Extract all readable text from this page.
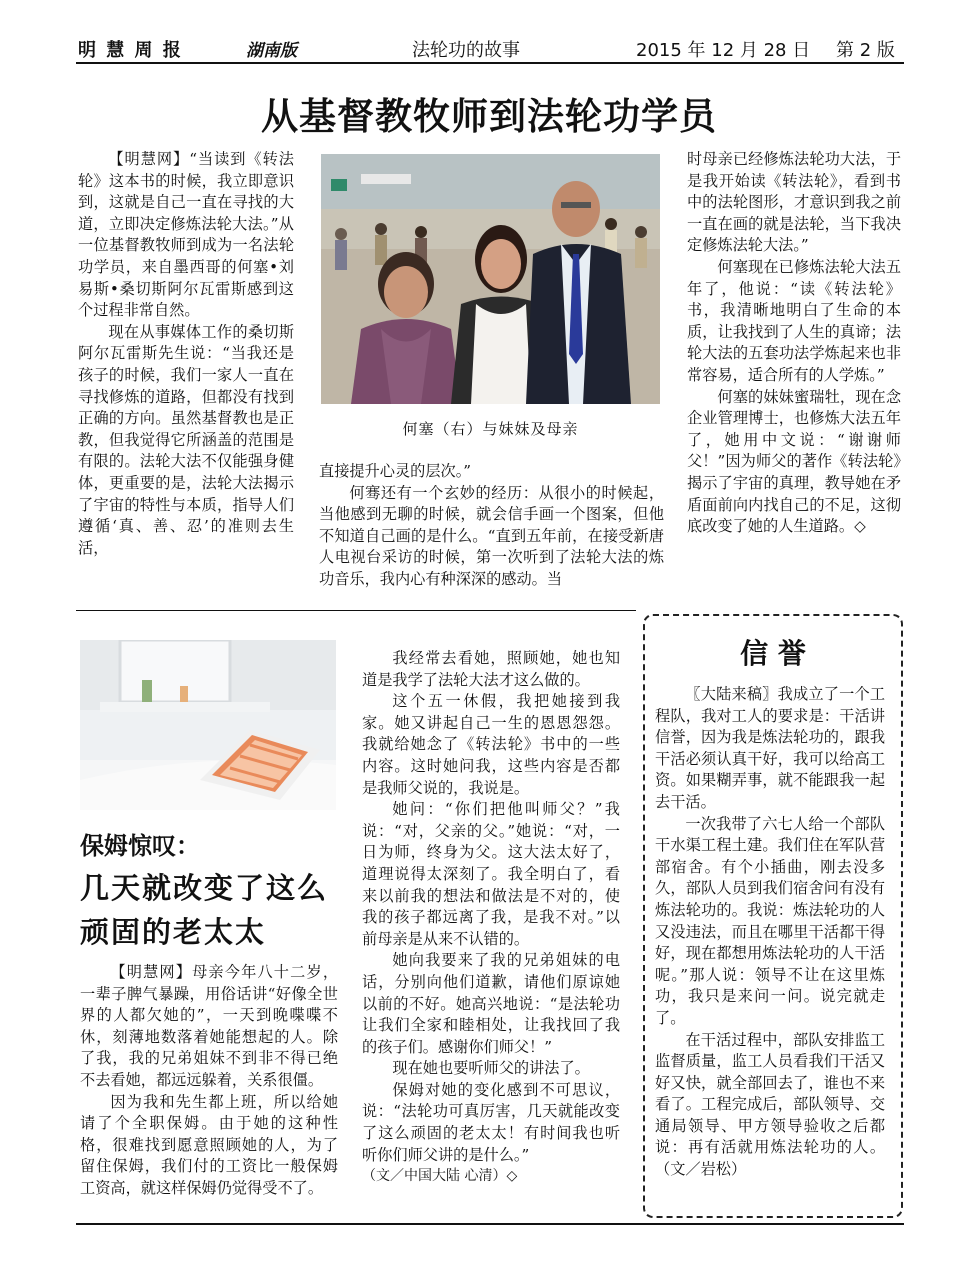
明 慧 周 报	湖南版	法轮功的故事	2015 年 12 月 28 日 第 2 版
从基督教牧师到法轮功学员

【明慧网】“当读到《转法轮》这本书的时候，我立即意识到，这就是自己一直在寻找的大道，立即决定修炼法轮大法。”从一位基督教牧师到成为一名法轮功学员，来自墨西哥的何塞•刘易斯•桑切斯阿尔瓦雷斯感到这个过程非常自然。

现在从事媒体工作的桑切斯阿尔瓦雷斯先生说：“当我还是孩子的时候，我们一家人一直在寻找修炼的道路，但都没有找到正确的方向。虽然基督教也是正教，但我觉得它所涵盖的范围是有限的。法轮大法不仅能强身健体，更重要的是，法轮大法揭示了宇宙的特性与本质，指导人们遵循‘真、善、忍’的准则去生活，

何塞（右）与妹妹及母亲

直接提升心灵的层次。”

何骞还有一个玄妙的经历：从很小的时候起，当他感到无聊的时候，就会信手画一个图案，但他不知道自己画的是什么。“直到五年前，在接受新唐人电视台采访的时候，第一次听到了法轮大法的炼功音乐，我内心有种深深的感动。当

时母亲已经修炼法轮功大法，于是我开始读《转法轮》，看到书中的法轮图形，才意识到我之前一直在画的就是法轮，当下我决定修炼法轮大法。”

何塞现在已修炼法轮大法五年了，他说：“读《转法轮》书，我清晰地明白了生命的本质，让我找到了人生的真谛；法轮大法的五套功法学炼起来也非常容易，适合所有的人学炼。”

何塞的妹妹蜜瑞牡，现在念企业管理博士，也修炼大法五年了，她用中文说：“谢谢师父！”因为师父的著作《转法轮》揭示了宇宙的真理，教导她在矛盾面前向内找自己的不足，这彻底改变了她的人生道路。◇

保姆惊叹：
几天就改变了这么
顽固的老太太

【明慧网】母亲今年八十二岁，一辈子脾气暴躁，用俗话讲“好像全世界的人都欠她的”，一天到晚喋喋不休，刻薄地数落着她能想起的人。除了我，我的兄弟姐妹不到非不得已绝不去看她，都远远躲着，关系很僵。

因为我和先生都上班，所以给她请了个全职保姆。由于她的这种性格，很难找到愿意照顾她的人，为了留住保姆，我们付的工资比一般保姆工资高，就这样保姆仍觉得受不了。

我经常去看她，照顾她，她也知道是我学了法轮大法才这么做的。

这个五一休假，我把她接到我家。她又讲起自己一生的恩恩怨怨。我就给她念了《转法轮》书中的一些内容。这时她问我，这些内容是否都是我师父说的，我说是。

她问：“你们把他叫师父？”我说：“对，父亲的父。”她说：“对，一日为师，终身为父。这大法太好了，道理说得太深刻了。我全明白了，看来以前我的想法和做法是不对的，使我的孩子都远离了我，是我不对。”以前母亲是从来不认错的。

她向我要来了我的兄弟姐妹的电话，分别向他们道歉，请他们原谅她以前的不好。她高兴地说：“是法轮功让我们全家和睦相处，让我找回了我的孩子们。感谢你们师父！”

现在她也要听师父的讲法了。

保姆对她的变化感到不可思议，说：“法轮功可真厉害，几天就能改变了这么顽固的老太太！有时间我也听听你们师父讲的是什么。”

（文／中国大陆 心清）◇

信 誉

〖大陆来稿〗我成立了一个工程队，我对工人的要求是：干活讲信誉，因为我是炼法轮功的，跟我干活必须认真干好，我可以给高工资。如果糊弄事，就不能跟我一起去干活。

一次我带了六七人给一个部队干水渠工程土建。我们住在军队营部宿舍。有个小插曲，刚去没多久，部队人员到我们宿舍问有没有炼法轮功的。我说：炼法轮功的人又没违法，而且在哪里干活都干得好，现在都想用炼法轮功的人干活呢。”那人说：领导不让在这里炼功，我只是来问一问。说完就走了。

在干活过程中，部队安排监工监督质量，监工人员看我们干活又好又快，就全部回去了，谁也不来看了。工程完成后，部队领导、交通局领导、甲方领导验收之后都说：再有活就用炼法轮功的人。（文／岩松）
